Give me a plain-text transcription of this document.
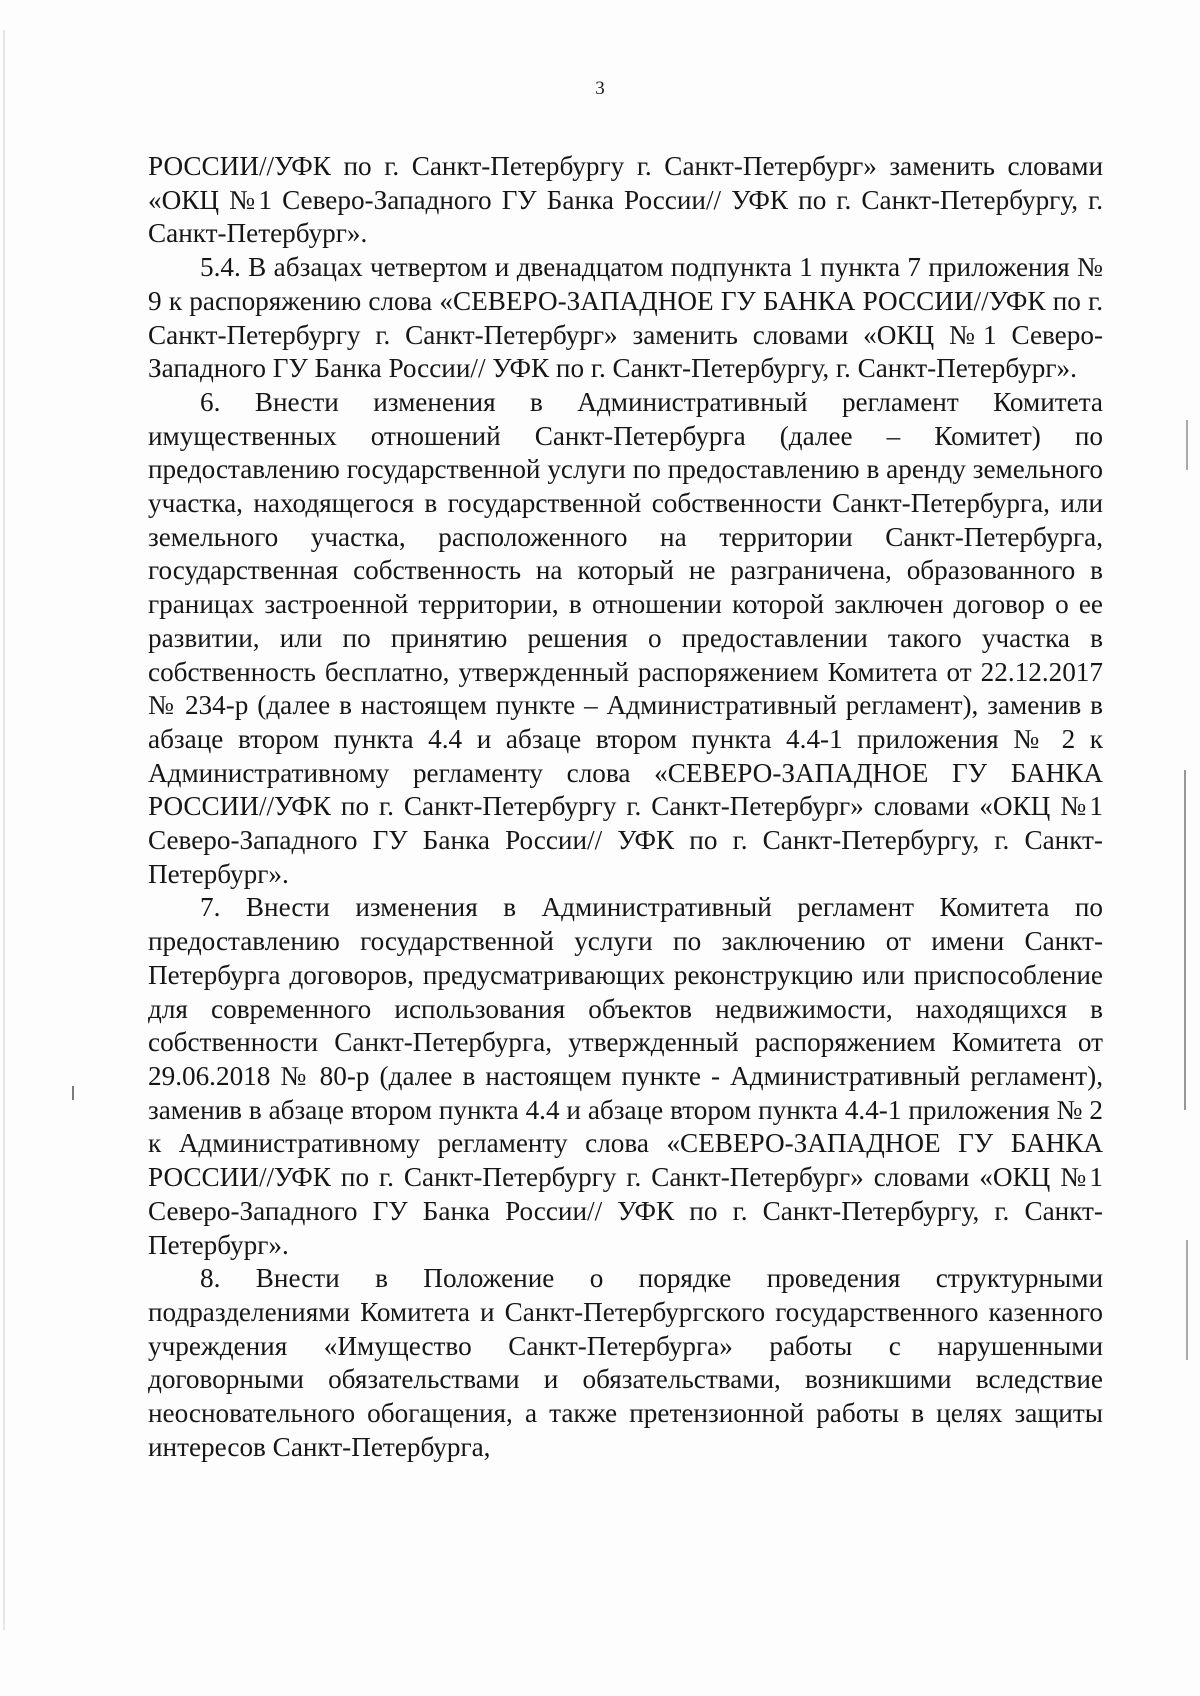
3

РОССИИ//УФК по г. Санкт-Петербургу г. Санкт-Петербург» заменить словами «ОКЦ №1 Северо-Западного ГУ Банка России// УФК по г. Санкт-Петербургу, г. Санкт-Петербург».

5.4. В абзацах четвертом и двенадцатом подпункта 1 пункта 7 приложения № 9 к распоряжению слова «СЕВЕРО-ЗАПАДНОЕ ГУ БАНКА РОССИИ//УФК по г. Санкт-Петербургу г. Санкт-Петербург» заменить словами «ОКЦ №1 Северо-Западного ГУ Банка России// УФК по г. Санкт-Петербургу, г. Санкт-Петербург».

6. Внести изменения в Административный регламент Комитета имущественных отношений Санкт-Петербурга (далее – Комитет) по предоставлению государственной услуги по предоставлению в аренду земельного участка, находящегося в государственной собственности Санкт-Петербурга, или земельного участка, расположенного на территории Санкт-Петербурга, государственная собственность на который не разграничена, образованного в границах застроенной территории, в отношении которой заключен договор о ее развитии, или по принятию решения о предоставлении такого участка в собственность бесплатно, утвержденный распоряжением Комитета от 22.12.2017 № 234-р (далее в настоящем пункте – Административный регламент), заменив в абзаце втором пункта 4.4 и абзаце втором пункта 4.4-1 приложения № 2 к Административному регламенту слова «СЕВЕРО-ЗАПАДНОЕ ГУ БАНКА РОССИИ//УФК по г. Санкт-Петербургу г. Санкт-Петербург» словами «ОКЦ №1 Северо-Западного ГУ Банка России// УФК по г. Санкт-Петербургу, г. Санкт-Петербург».

7. Внести изменения в Административный регламент Комитета по предоставлению государственной услуги по заключению от имени Санкт-Петербурга договоров, предусматривающих реконструкцию или приспособление для современного использования объектов недвижимости, находящихся в собственности Санкт-Петербурга, утвержденный распоряжением Комитета от 29.06.2018 № 80-р (далее в настоящем пункте - Административный регламент), заменив в абзаце втором пункта 4.4 и абзаце втором пункта 4.4-1 приложения № 2 к Административному регламенту слова «СЕВЕРО-ЗАПАДНОЕ ГУ БАНКА РОССИИ//УФК по г. Санкт-Петербургу г. Санкт-Петербург» словами «ОКЦ №1 Северо-Западного ГУ Банка России// УФК по г. Санкт-Петербургу, г. Санкт-Петербург».

8. Внести в Положение о порядке проведения структурными подразделениями Комитета и Санкт-Петербургского государственного казенного учреждения «Имущество Санкт-Петербурга» работы с нарушенными договорными обязательствами и обязательствами, возникшими вследствие неосновательного обогащения, а также претензионной работы в целях защиты интересов Санкт-Петербурга,
